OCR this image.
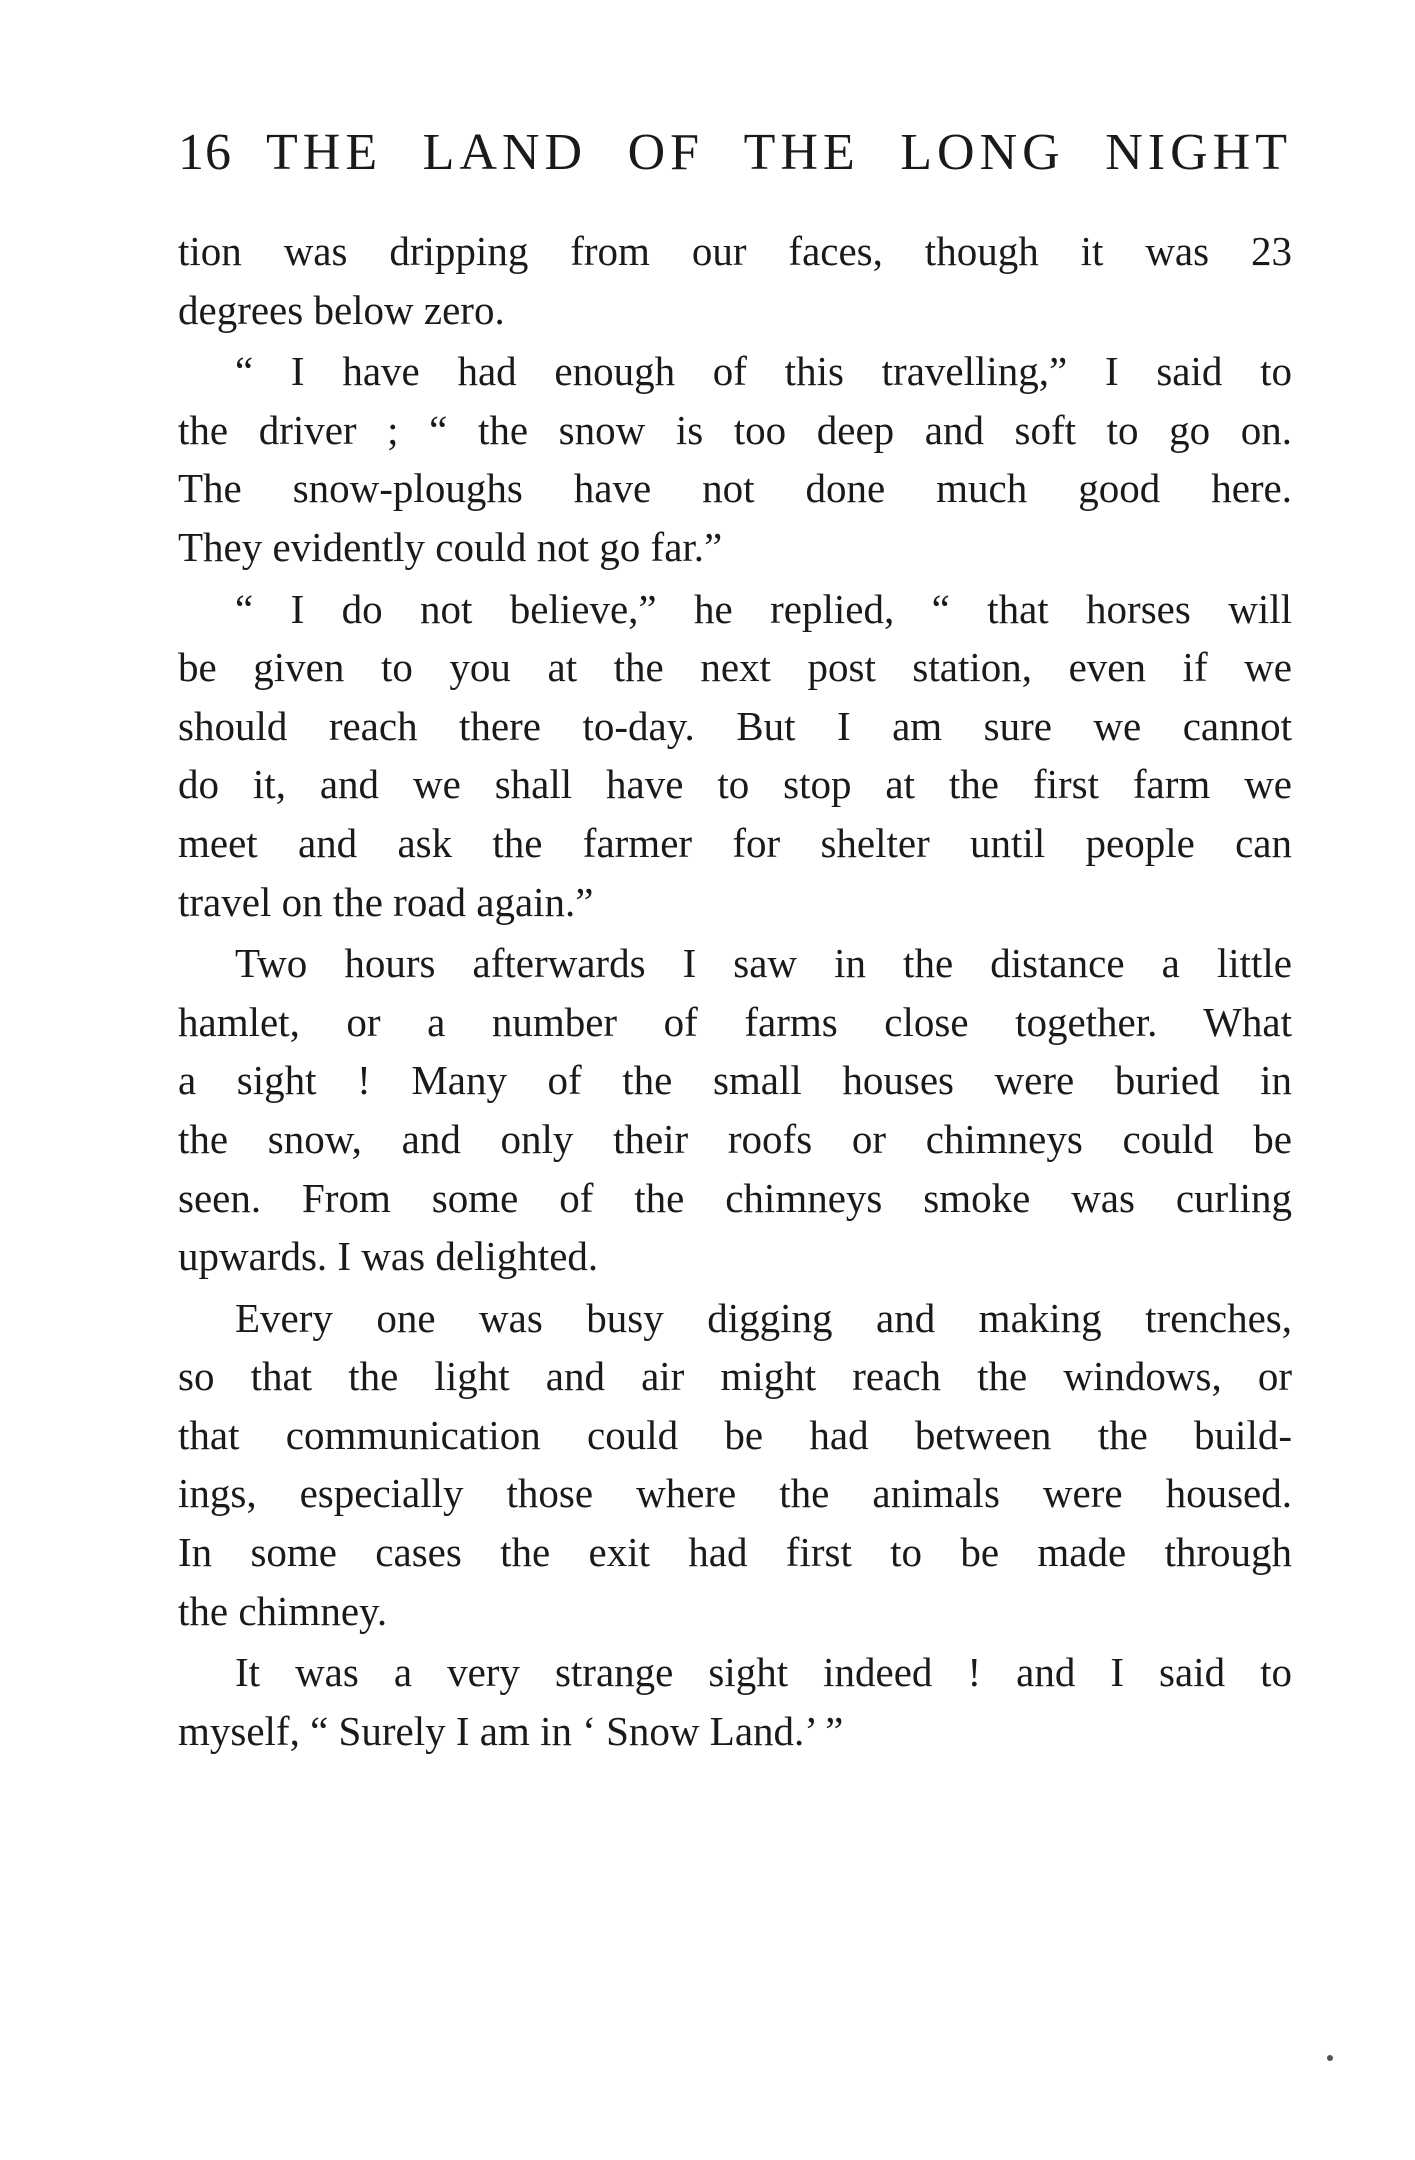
16 THE LAND OF THE LONG NIGHT
tion was dripping from our faces, though it was 23
degrees below zero.
“ I have had enough of this travelling,” I said to
the driver ; “ the snow is too deep and soft to go on.
The snow-ploughs have not done much good here.
They evidently could not go far.”
“ I do not believe,” he replied, “ that horses will
be given to you at the next post station, even if we
should reach there to-day. But I am sure we cannot
do it, and we shall have to stop at the first farm we
meet and ask the farmer for shelter until people can
travel on the road again.”
Two hours afterwards I saw in the distance a little
hamlet, or a number of farms close together. What
a sight ! Many of the small houses were buried in
the snow, and only their roofs or chimneys could be
seen. From some of the chimneys smoke was curling
upwards. I was delighted.
Every one was busy digging and making trenches,
so that the light and air might reach the windows, or
that communication could be had between the build-
ings, especially those where the animals were housed.
In some cases the exit had first to be made through
the chimney.
It was a very strange sight indeed ! and I said to
myself, “ Surely I am in ‘ Snow Land.’ ”
